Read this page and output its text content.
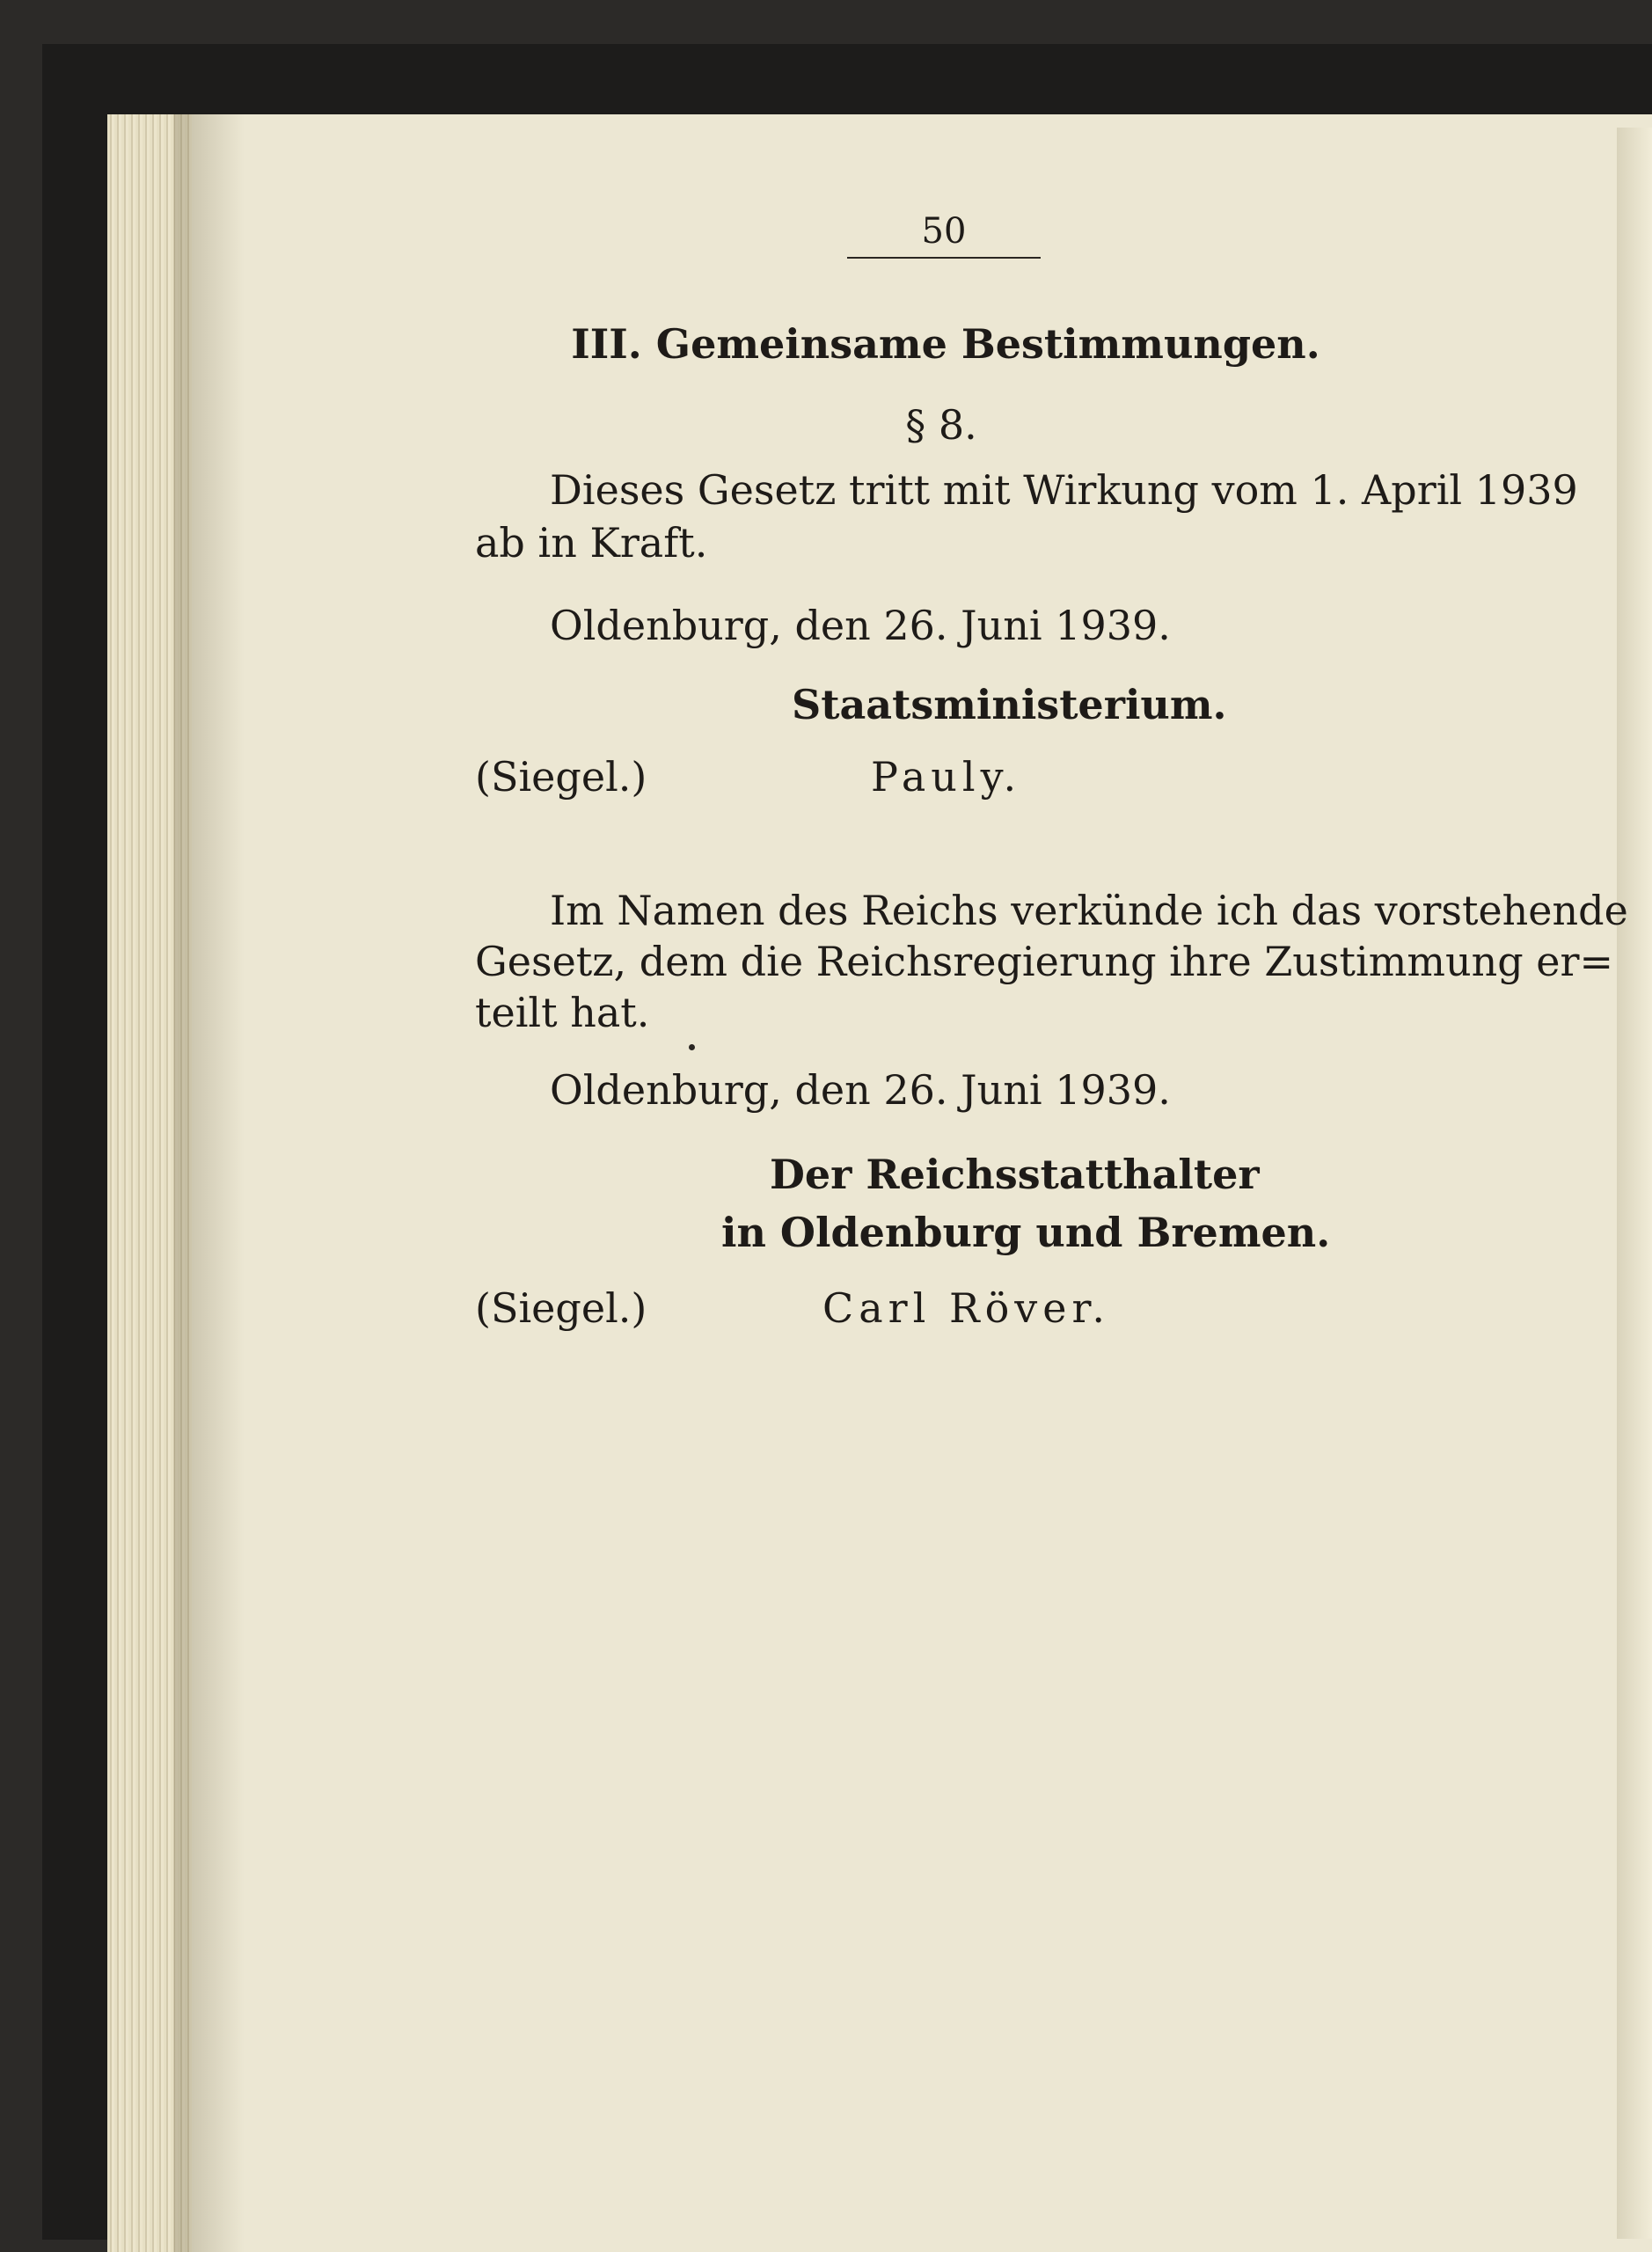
50
III. Gemeinsame Bestimmungen.
§ 8.
Dieses Gesetz tritt mit Wirkung vom 1. April 1939
ab in Kraft.
Oldenburg, den 26. Juni 1939.
Staatsministerium.
(Siegel.)	Pauly.
Im Namen des Reichs verkünde ich das vorstehende
Gesetz, dem die Reichsregierung ihre Zustimmung er=
teilt hat.
Oldenburg, den 26. Juni 1939.
Der Reichsstatthalter
in Oldenburg und Bremen.
(Siegel.)	Carl Röver.
